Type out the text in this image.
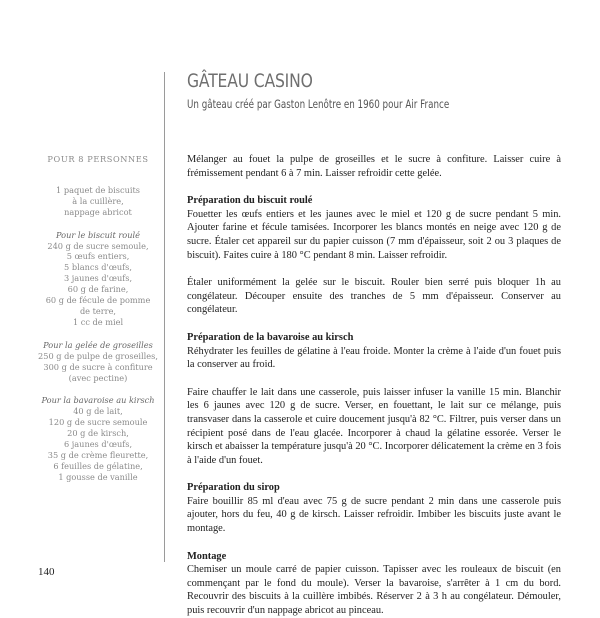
GÂTEAU CASINO
Un gâteau créé par Gaston Lenôtre en 1960 pour Air France
POUR 8 PERSONNES

1 paquet de biscuits

à la cuillère,

nappage abricot

Pour le biscuit roulé

240 g de sucre semoule,

5 œufs entiers,

5 blancs d'œufs,

3 jaunes d'œufs,

60 g de farine,

60 g de fécule de pomme

de terre,

1 cc de miel

Pour la gelée de groseilles

250 g de pulpe de groseilles,

300 g de sucre à confiture

(avec pectine)

Pour la bavaroise au kirsch

40 g de lait,

120 g de sucre semoule

20 g de kirsch,

6 jaunes d'œufs,

35 g de crème fleurette,

6 feuilles de gélatine,

1 gousse de vanille

Mélanger au fouet la pulpe de groseilles et le sucre à confiture. Laisser cuire à frémissement pendant 6 à 7 min. Laisser refroidir cette gelée.

Préparation du biscuit roulé

Fouetter les œufs entiers et les jaunes avec le miel et 120 g de sucre pendant 5 min. Ajouter farine et fécule tamisées. Incorporer les blancs montés en neige avec 120 g de sucre. Étaler cet appareil sur du papier cuisson (7 mm d'épaisseur, soit 2 ou 3 plaques de biscuit). Faites cuire à 180 °C pendant 8 min. Laisser refroidir.

Étaler uniformément la gelée sur le biscuit. Rouler bien serré puis bloquer 1h au congélateur. Découper ensuite des tranches de 5 mm d'épaisseur. Conserver au congélateur.

Préparation de la bavaroise au kirsch

Réhydrater les feuilles de gélatine à l'eau froide. Monter la crème à l'aide d'un fouet puis la conserver au froid.

Faire chauffer le lait dans une casserole, puis laisser infuser la vanille 15 min. Blanchir les 6 jaunes avec 120 g de sucre. Verser, en fouettant, le lait sur ce mélange, puis transvaser dans la casserole et cuire doucement jusqu'à 82 °C. Filtrer, puis verser dans un récipient posé dans de l'eau glacée. Incorporer à chaud la gélatine essorée. Verser le kirsch et abaisser la température jusqu'à 20 °C. Incorporer délicatement la crème en 3 fois à l'aide d'un fouet.

Préparation du sirop

Faire bouillir 85 ml d'eau avec 75 g de sucre pendant 2 min dans une casserole puis ajouter, hors du feu, 40 g de kirsch. Laisser refroidir. Imbiber les biscuits juste avant le montage.

Montage

Chemiser un moule carré de papier cuisson. Tapisser avec les rouleaux de biscuit (en commençant par le fond du moule). Verser la bavaroise, s'arrêter à 1 cm du bord. Recouvrir des biscuits à la cuillère imbibés. Réserver 2 à 3 h au congélateur. Démouler, puis recouvrir d'un nappage abricot au pinceau.

140
